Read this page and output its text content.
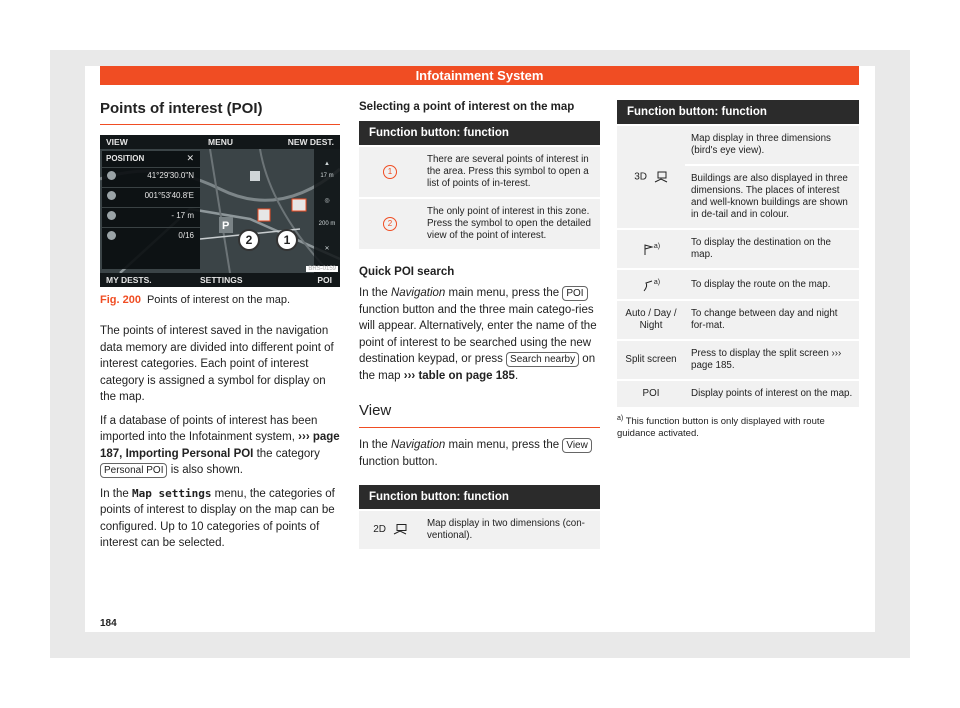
Infotainment System
Points of interest (POI)
P
VIEW	MENU	NEW DEST.
POSITION	✕
41°29'30.0"N
001°53'40.8'E
- 17 m
0/16
▲
17 m
◎
200 m
✕
2	1
BRS-0159
MY DESTS.	SETTINGS	POI
Fig. 200 Points of interest on the map.

The points of interest saved in the navigation data memory are divided into different point of interest categories. Each point of interest category is assigned a symbol for display on the map.

If a database of points of interest has been imported into the Infotainment system, ››› page 187, Importing Personal POI the category Personal POI is also shown.

In the Map settings menu, the categories of points of interest to display on the map can be configured. Up to 10 categories of points of interest can be selected.

Selecting a point of interest on the map
Function button: function	
1	There are several points of interest in the area. Press this symbol to open a list of points of in-terest.
2	The only point of interest in this zone. Press the symbol to open the detailed view of the point of interest.
Quick POI search

In the Navigation main menu, press the POI function button and the three main catego-ries will appear. Alternatively, enter the name of the point of interest to be searched using the new destination keypad, or press Search nearby on the map ››› table on page 185.

View

In the Navigation main menu, press the View function button.

Function button: function
2D	Map display in two dimensions (con-ventional).
Function button: function	
3D	Map display in three dimensions (bird's eye view).
	Buildings are also displayed in three dimensions. The places of interest and well-known buildings are shown in de-tail and in colour.
$^{a)}$	To display the destination on the map.
$^{a)}$	To display the route on the map.
Auto / Day / Night	To change between day and night for-mat.
Split screen	Press to display the split screen ››› page 185.
POI	Display points of interest on the map.
$^{a)}$ This function button is only displayed with route guidance activated.
184
